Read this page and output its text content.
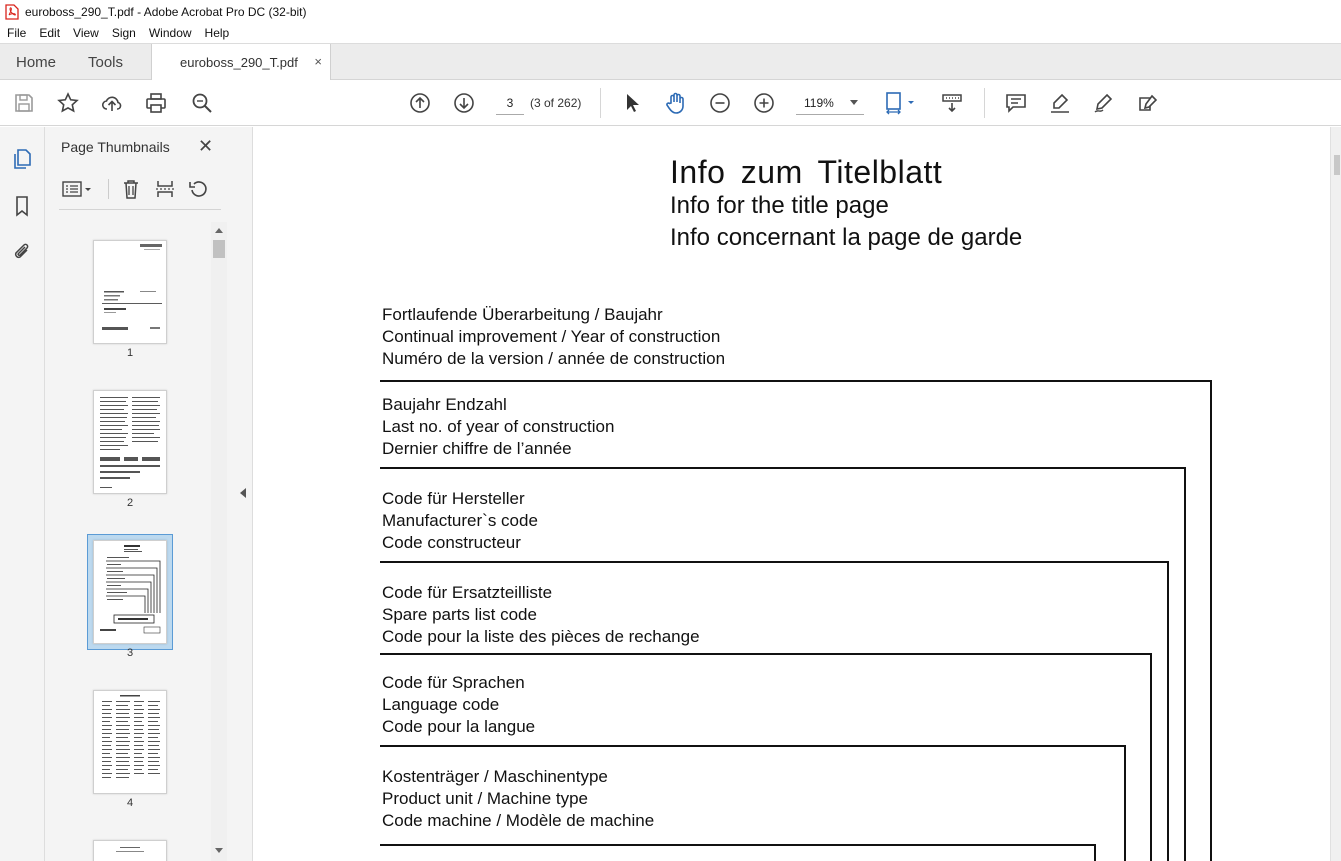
euroboss_290_T.pdf - Adobe Acrobat Pro DC (32-bit)
File	Edit	View	Sign	Window	Help
Home Tools	euroboss_290_T.pdf ×
3
(3 of 262)	119%
Page Thumbnails ✕
1
2
3
4
Info zum Titelblatt
Info for the title page
Info concernant la page de garde
Fortlaufende Überarbeitung / Baujahr
Continual improvement / Year of construction
Numéro de la version / année de construction
Baujahr Endzahl
Last no. of year of construction
Dernier chiffre de l’année
Code für Hersteller
Manufacturer`s code
Code constructeur
Code für Ersatzteilliste
Spare parts list code
Code pour la liste des pièces de rechange
Code für Sprachen
Language code
Code pour la langue
Kostenträger / Maschinentype
Product unit / Machine type
Code machine / Modèle de machine
